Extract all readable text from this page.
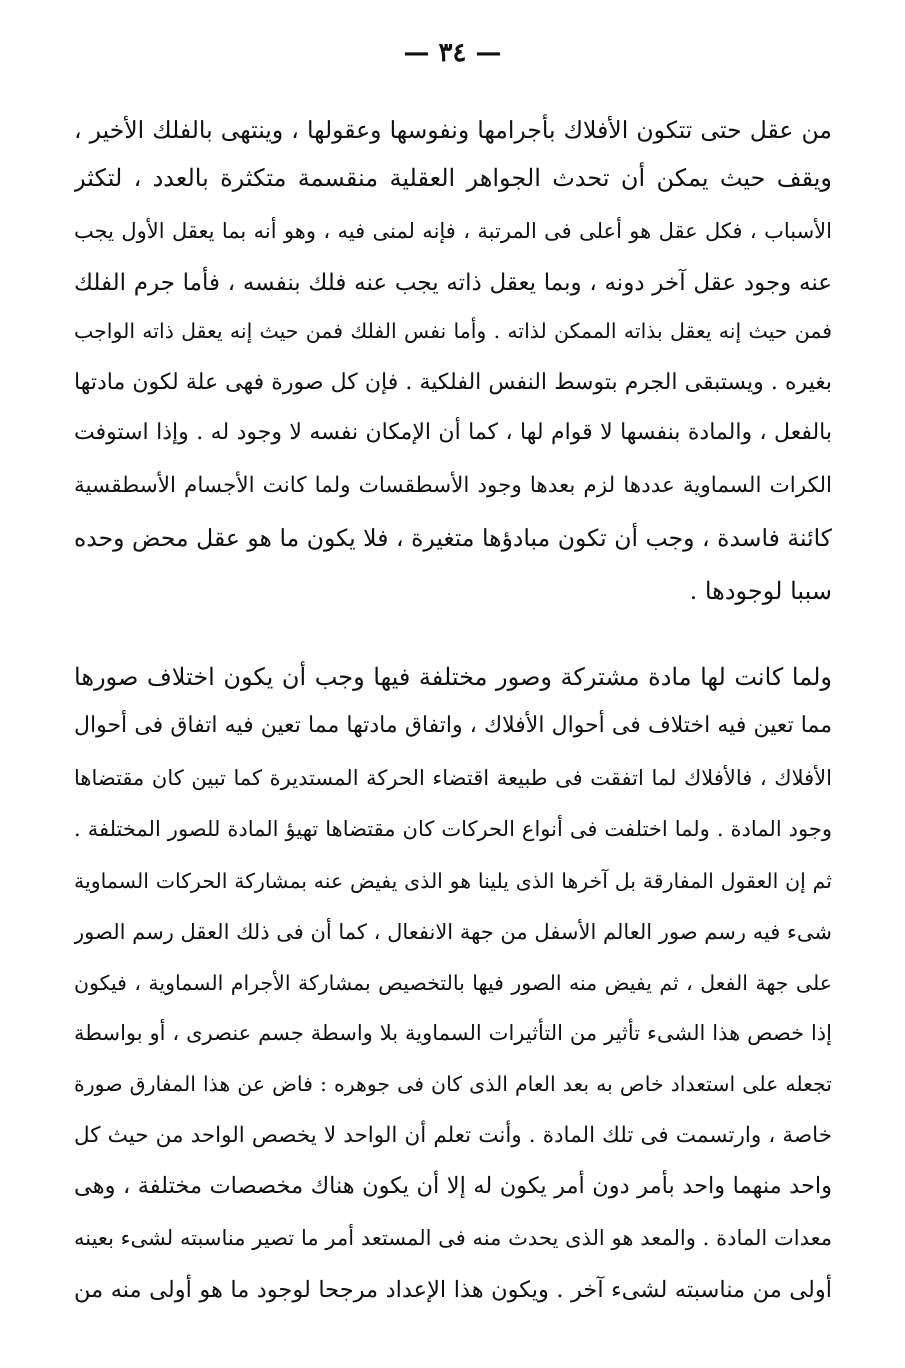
— ٣٤ —
من عقل حتى تتكون الأفلاك بأجرامها ونفوسها وعقولها ، وينتهى بالفلك الأخير ،
ويقف حيث يمكن أن تحدث الجواهر العقلية منقسمة متكثرة بالعدد ، لتكثر
الأسباب ، فكل عقل هو أعلى فى المرتبة ، فإنه لمنى فيه ، وهو أنه بما يعقل الأول يجب
عنه وجود عقل آخر دونه ، وبما يعقل ذاته يجب عنه فلك بنفسه ، فأما جرم الفلك
فمن حيث إنه يعقل بذاته الممكن لذاته . وأما نفس الفلك فمن حيث إنه يعقل ذاته الواجب
بغيره . ويستبقى الجرم بتوسط النفس الفلكية . فإن كل صورة فهى علة لكون مادتها
بالفعل ، والمادة بنفسها لا قوام لها ، كما أن الإمكان نفسه لا وجود له . وإذا استوفت
الكرات السماوية عددها لزم بعدها وجود الأسطقسات ولما كانت الأجسام الأسطقسية
كائنة فاسدة ، وجب أن تكون مبادؤها متغيرة ، فلا يكون ما هو عقل محض وحده
سببا لوجودها .
ولما كانت لها مادة مشتركة وصور مختلفة فيها وجب أن يكون اختلاف صورها
مما تعين فيه اختلاف فى أحوال الأفلاك ، واتفاق مادتها مما تعين فيه اتفاق فى أحوال
الأفلاك ، فالأفلاك لما اتفقت فى طبيعة اقتضاء الحركة المستديرة كما تبين كان مقتضاها
وجود المادة . ولما اختلفت فى أنواع الحركات كان مقتضاها تهيؤ المادة للصور المختلفة .
ثم إن العقول المفارقة بل آخرها الذى يلينا هو الذى يفيض عنه بمشاركة الحركات السماوية
شىء فيه رسم صور العالم الأسفل من جهة الانفعال ، كما أن فى ذلك العقل رسم الصور
على جهة الفعل ، ثم يفيض منه الصور فيها بالتخصيص بمشاركة الأجرام السماوية ، فيكون
إذا خصص هذا الشىء تأثير من التأثيرات السماوية بلا واسطة جسم عنصرى ، أو بواسطة
تجعله على استعداد خاص به بعد العام الذى كان فى جوهره : فاض عن هذا المفارق صورة
خاصة ، وارتسمت فى تلك المادة . وأنت تعلم أن الواحد لا يخصص الواحد من حيث كل
واحد منهما واحد بأمر دون أمر يكون له إلا أن يكون هناك مخصصات مختلفة ، وهى
معدات المادة . والمعد هو الذى يحدث منه فى المستعد أمر ما تصير مناسبته لشىء بعينه
أولى من مناسبته لشىء آخر . ويكون هذا الإعداد مرجحا لوجود ما هو أولى منه من
